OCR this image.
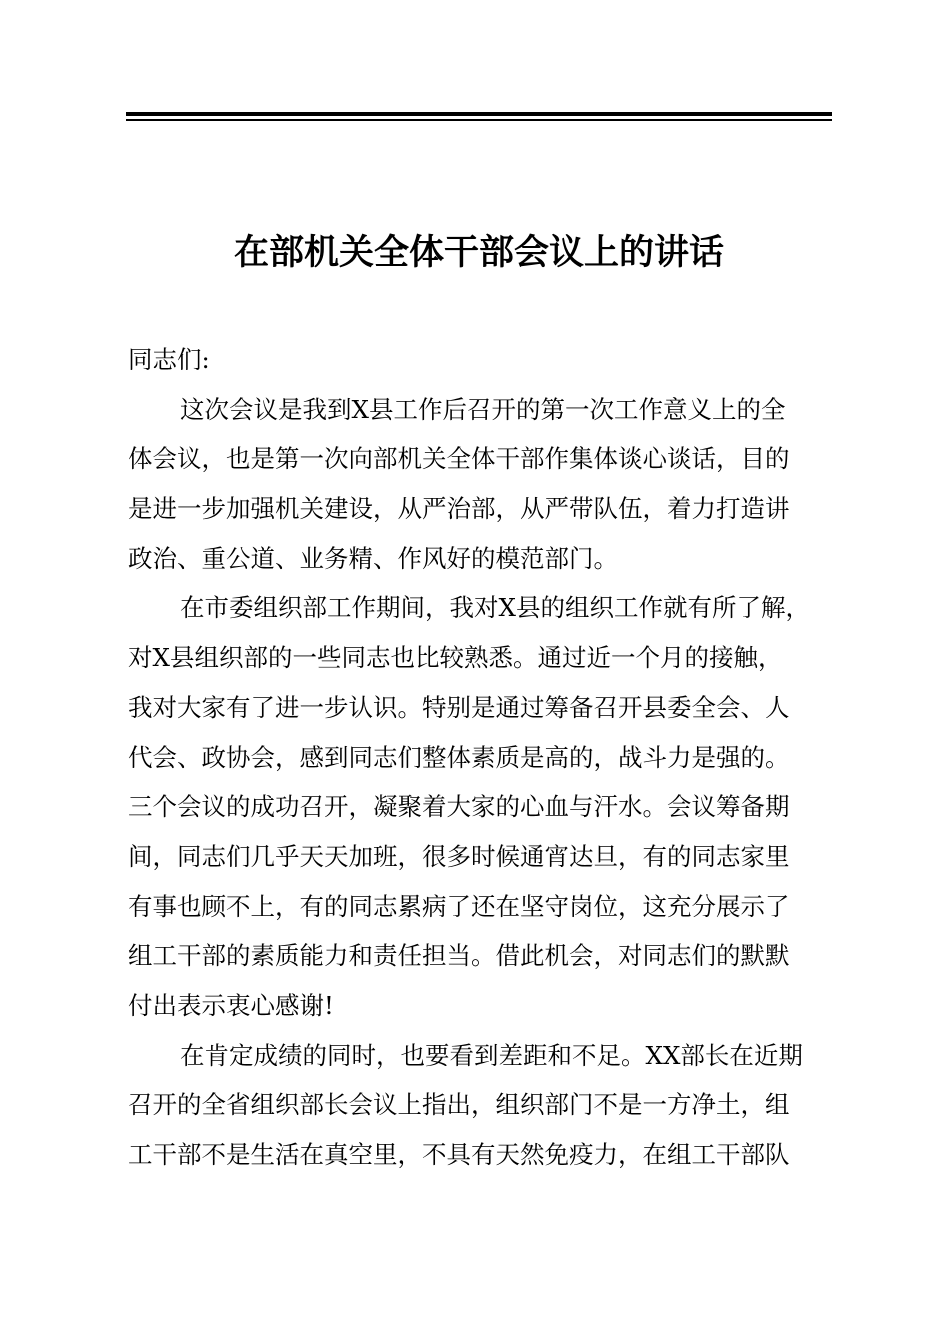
在部机关全体干部会议上的讲话
同志们:
这次会议是我到X县工作后召开的第一次工作意义上的全
体会议，也是第一次向部机关全体干部作集体谈心谈话，目的
是进一步加强机关建设，从严治部，从严带队伍，着力打造讲
政治、重公道、业务精、作风好的模范部门。
在市委组织部工作期间，我对X县的组织工作就有所了解，
对X县组织部的一些同志也比较熟悉。通过近一个月的接触，
我对大家有了进一步认识。特别是通过筹备召开县委全会、人
代会、政协会，感到同志们整体素质是高的，战斗力是强的。
三个会议的成功召开，凝聚着大家的心血与汗水。会议筹备期
间，同志们几乎天天加班，很多时候通宵达旦，有的同志家里
有事也顾不上，有的同志累病了还在坚守岗位，这充分展示了
组工干部的素质能力和责任担当。借此机会，对同志们的默默
付出表示衷心感谢!
在肯定成绩的同时，也要看到差距和不足。XX部长在近期
召开的全省组织部长会议上指出，组织部门不是一方净土，组
工干部不是生活在真空里，不具有天然免疫力，在组工干部队
